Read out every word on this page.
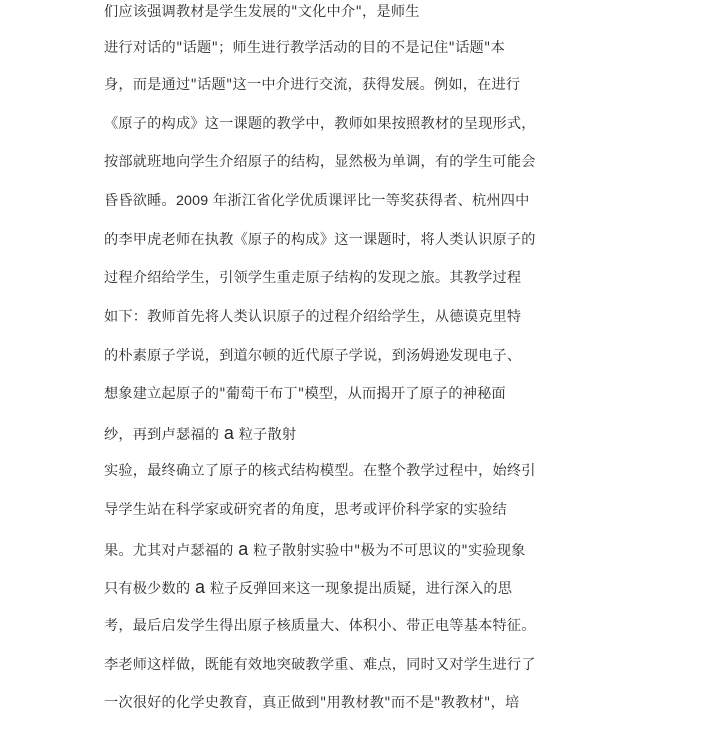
们应该强调教材是学生发展的"文化中介"，是师生

进行对话的"话题"；师生进行教学活动的目的不是记住"话题"本

身，而是通过"话题"这一中介进行交流，获得发展。例如，在进行

《原子的构成》这一课题的教学中，教师如果按照教材的呈现形式，

按部就班地向学生介绍原子的结构，显然极为单调，有的学生可能会

昏昏欲睡。2009 年浙江省化学优质课评比一等奖获得者、杭州四中

的李甲虎老师在执教《原子的构成》这一课题时，将人类认识原子的

过程介绍给学生，引领学生重走原子结构的发现之旅。其教学过程

如下：教师首先将人类认识原子的过程介绍给学生，从德谟克里特

的朴素原子学说，到道尔顿的近代原子学说，到汤姆逊发现电子、

想象建立起原子的"葡萄干布丁"模型，从而揭开了原子的神秘面

纱，再到卢瑟福的 a 粒子散射

实验，最终确立了原子的核式结构模型。在整个教学过程中，始终引

导学生站在科学家或研究者的角度，思考或评价科学家的实验结

果。尤其对卢瑟福的 a 粒子散射实验中"极为不可思议的"实验现象

只有极少数的 a 粒子反弹回来这一现象提出质疑，进行深入的思

考，最后启发学生得出原子核质量大、体积小、带正电等基本特征。

李老师这样做，既能有效地突破教学重、难点，同时又对学生进行了

一次很好的化学史教育，真正做到"用教材教"而不是"教教材"，培
